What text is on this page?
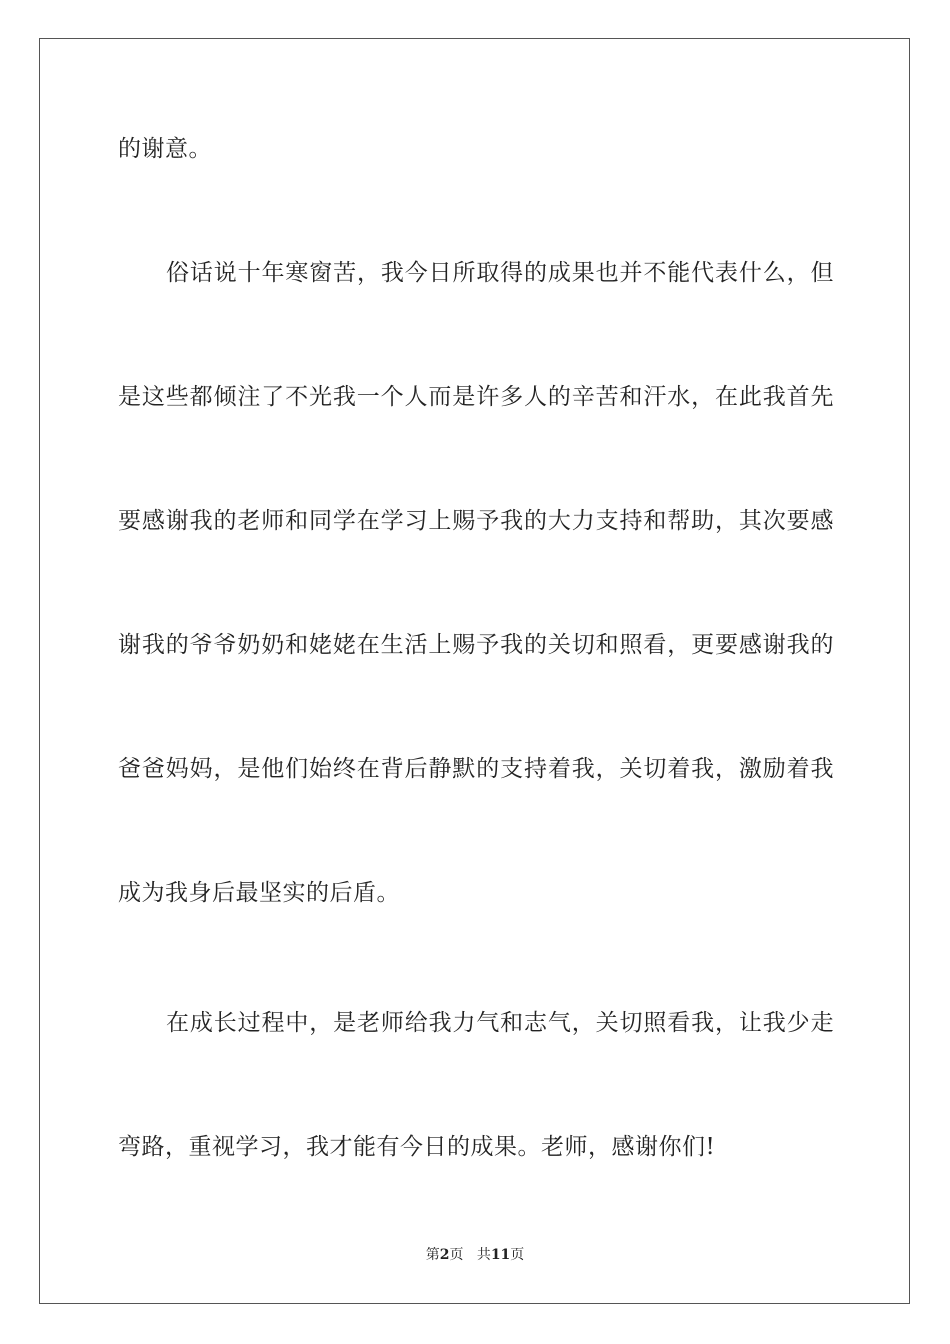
的谢意。
俗话说十年寒窗苦，我今日所取得的成果也并不能代表什么，但
是这些都倾注了不光我一个人而是许多人的辛苦和汗水，在此我首先
要感谢我的老师和同学在学习上赐予我的大力支持和帮助，其次要感
谢我的爷爷奶奶和姥姥在生活上赐予我的关切和照看，更要感谢我的
爸爸妈妈，是他们始终在背后静默的支持着我，关切着我，激励着我
成为我身后最坚实的后盾。
在成长过程中，是老师给我力气和志气，关切照看我，让我少走
弯路，重视学习，我才能有今日的成果。老师，感谢你们!
第2页 共11页
